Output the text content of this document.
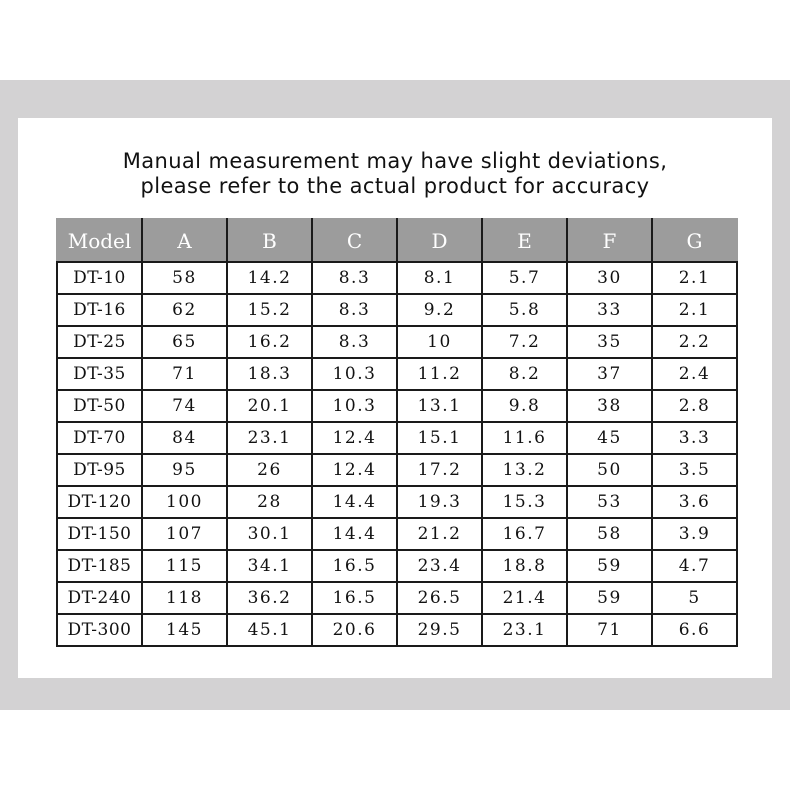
Manual measurement may have slight deviations,
please refer to the actual product for accuracy
Model	A	B	C	D	E	F	G
DT-10	58	14.2	8.3	8.1	5.7	30	2.1
DT-16	62	15.2	8.3	9.2	5.8	33	2.1
DT-25	65	16.2	8.3	10	7.2	35	2.2
DT-35	71	18.3	10.3	11.2	8.2	37	2.4
DT-50	74	20.1	10.3	13.1	9.8	38	2.8
DT-70	84	23.1	12.4	15.1	11.6	45	3.3
DT-95	95	26	12.4	17.2	13.2	50	3.5
DT-120	100	28	14.4	19.3	15.3	53	3.6
DT-150	107	30.1	14.4	21.2	16.7	58	3.9
DT-185	115	34.1	16.5	23.4	18.8	59	4.7
DT-240	118	36.2	16.5	26.5	21.4	59	5
DT-300	145	45.1	20.6	29.5	23.1	71	6.6
